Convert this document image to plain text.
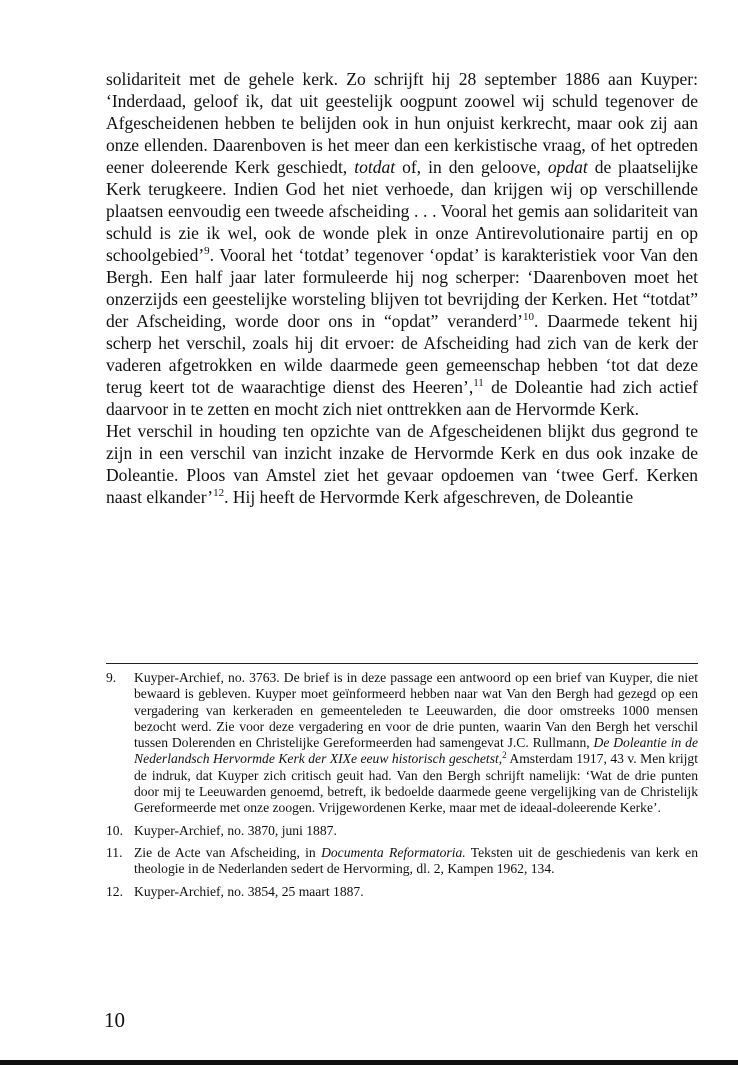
solidariteit met de gehele kerk. Zo schrijft hij 28 september 1886 aan Kuyper: ‘Inderdaad, geloof ik, dat uit geestelijk oogpunt zoowel wij schuld tegenover de Afgescheidenen hebben te belijden ook in hun onjuist kerkrecht, maar ook zij aan onze ellenden. Daarenboven is het meer dan een kerkistische vraag, of het optreden eener doleerende Kerk geschiedt, totdat of, in den geloove, opdat de plaatselijke Kerk terugkeere. Indien God het niet verhoede, dan krijgen wij op verschillende plaatsen eenvoudig een tweede afscheiding . . . Vooral het gemis aan solidariteit van schuld is zie ik wel, ook de wonde plek in onze Antirevolutionaire partij en op schoolgebied’$^9$. Vooral het ‘totdat’ tegenover ‘opdat’ is karakteristiek voor Van den Bergh. Een half jaar later formuleerde hij nog scherper: ‘Daarenboven moet het onzerzijds een geestelijke worsteling blijven tot bevrijding der Kerken. Het “totdat” der Afscheiding, worde door ons in “opdat” veranderd’$^{10}$. Daarmede tekent hij scherp het verschil, zoals hij dit ervoer: de Afscheiding had zich van de kerk der vaderen afgetrokken en wilde daarmede geen gemeenschap hebben ‘tot dat deze terug keert tot de waarachtige dienst des Heeren’,$^{11}$ de Doleantie had zich actief daarvoor in te zetten en mocht zich niet onttrekken aan de Hervormde Kerk.

Het verschil in houding ten opzichte van de Afgescheidenen blijkt dus gegrond te zijn in een verschil van inzicht inzake de Hervormde Kerk en dus ook inzake de Doleantie. Ploos van Amstel ziet het gevaar opdoemen van ‘twee Gerf. Kerken naast elkander’$^{12}$. Hij heeft de Hervormde Kerk afgeschreven, de Doleantie

9.	Kuyper-Archief, no. 3763. De brief is in deze passage een antwoord op een brief van Kuyper, die niet bewaard is gebleven. Kuyper moet geïnformeerd hebben naar wat Van den Bergh had gezegd op een vergadering van kerkeraden en gemeenteleden te Leeuwarden, die door omstreeks 1000 mensen bezocht werd. Zie voor deze vergadering en voor de drie punten, waarin Van den Bergh het verschil tussen Dolerenden en Christelijke Gereformeerden had samengevat J.C. Rullmann, De Doleantie in de Nederlandsch Hervormde Kerk der XIXe eeuw historisch geschetst,$^2$ Amsterdam 1917, 43 v. Men krijgt de indruk, dat Kuyper zich critisch geuit had. Van den Bergh schrijft namelijk: ‘Wat de drie punten door mij te Leeuwarden genoemd, betreft, ik bedoelde daarmede geene vergelijking van de Christelijk Gereformeerde met onze zoogen. Vrijgewordenen Kerke, maar met de ideaal-doleerende Kerke’.
10. Kuyper-Archief, no. 3870, juni 1887.
11. Zie de Acte van Afscheiding, in Documenta Reformatoria. Teksten uit de geschiedenis van kerk en theologie in de Nederlanden sedert de Hervorming, dl. 2, Kampen 1962, 134.
12. Kuyper-Archief, no. 3854, 25 maart 1887.
10
